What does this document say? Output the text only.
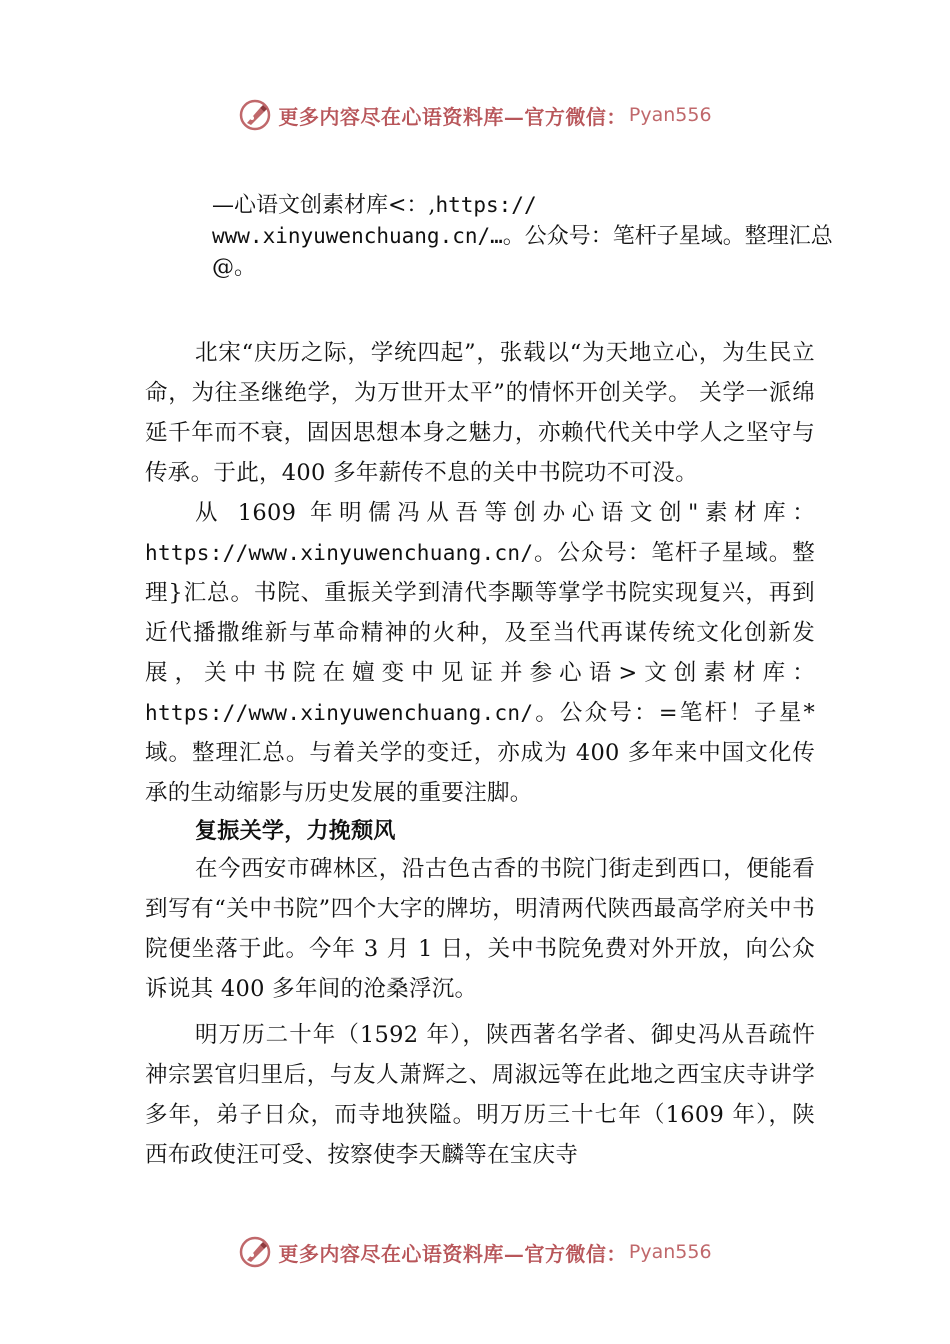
更多内容尽在心语资料库—官方微信： Pyan556
—心语文创素材库<：,https://
www.xinyuwenchuang.cn/…。公众号：笔杆子星域。整理汇总@。

北宋“庆历之际，学统四起”，张载以“为天地立心，为生民立命，为往圣继绝学，为万世开太平”的情怀开创关学。 关学一派绵延千年而不衰，固因思想本身之魅力，亦赖代代关中学人之坚守与传承。于此，400 多年薪传不息的关中书院功不可没。

从 1609 年明儒冯从吾等创办心语文创"素材库：https://www.xinyuwenchuang.cn/。公众号：笔杆子星域。整理}汇总。书院、重振关学到清代李颙等掌学书院实现复兴，再到近代播撒维新与革命精神的火种，及至当代再谋传统文化创新发展，关中书院在嬗变中见证并参心语>文创素材库：https://www.xinyuwenchuang.cn/。公众号：=笔杆！子星*域。整理汇总。与着关学的变迁，亦成为 400 多年来中国文化传承的生动缩影与历史发展的重要注脚。

复振关学，力挽颓风

在今西安市碑林区，沿古色古香的书院门街走到西口，便能看到写有“关中书院”四个大字的牌坊，明清两代陕西最高学府关中书院便坐落于此。今年 3 月 1 日，关中书院免费对外开放，向公众诉说其 400 多年间的沧桑浮沉。

明万历二十年（1592 年），陕西著名学者、御史冯从吾疏忤神宗罢官归里后，与友人萧辉之、周淑远等在此地之西宝庆寺讲学多年，弟子日众，而寺地狭隘。明万历三十七年（1609 年），陕西布政使汪可受、按察使李天麟等在宝庆寺

更多内容尽在心语资料库—官方微信： Pyan556
